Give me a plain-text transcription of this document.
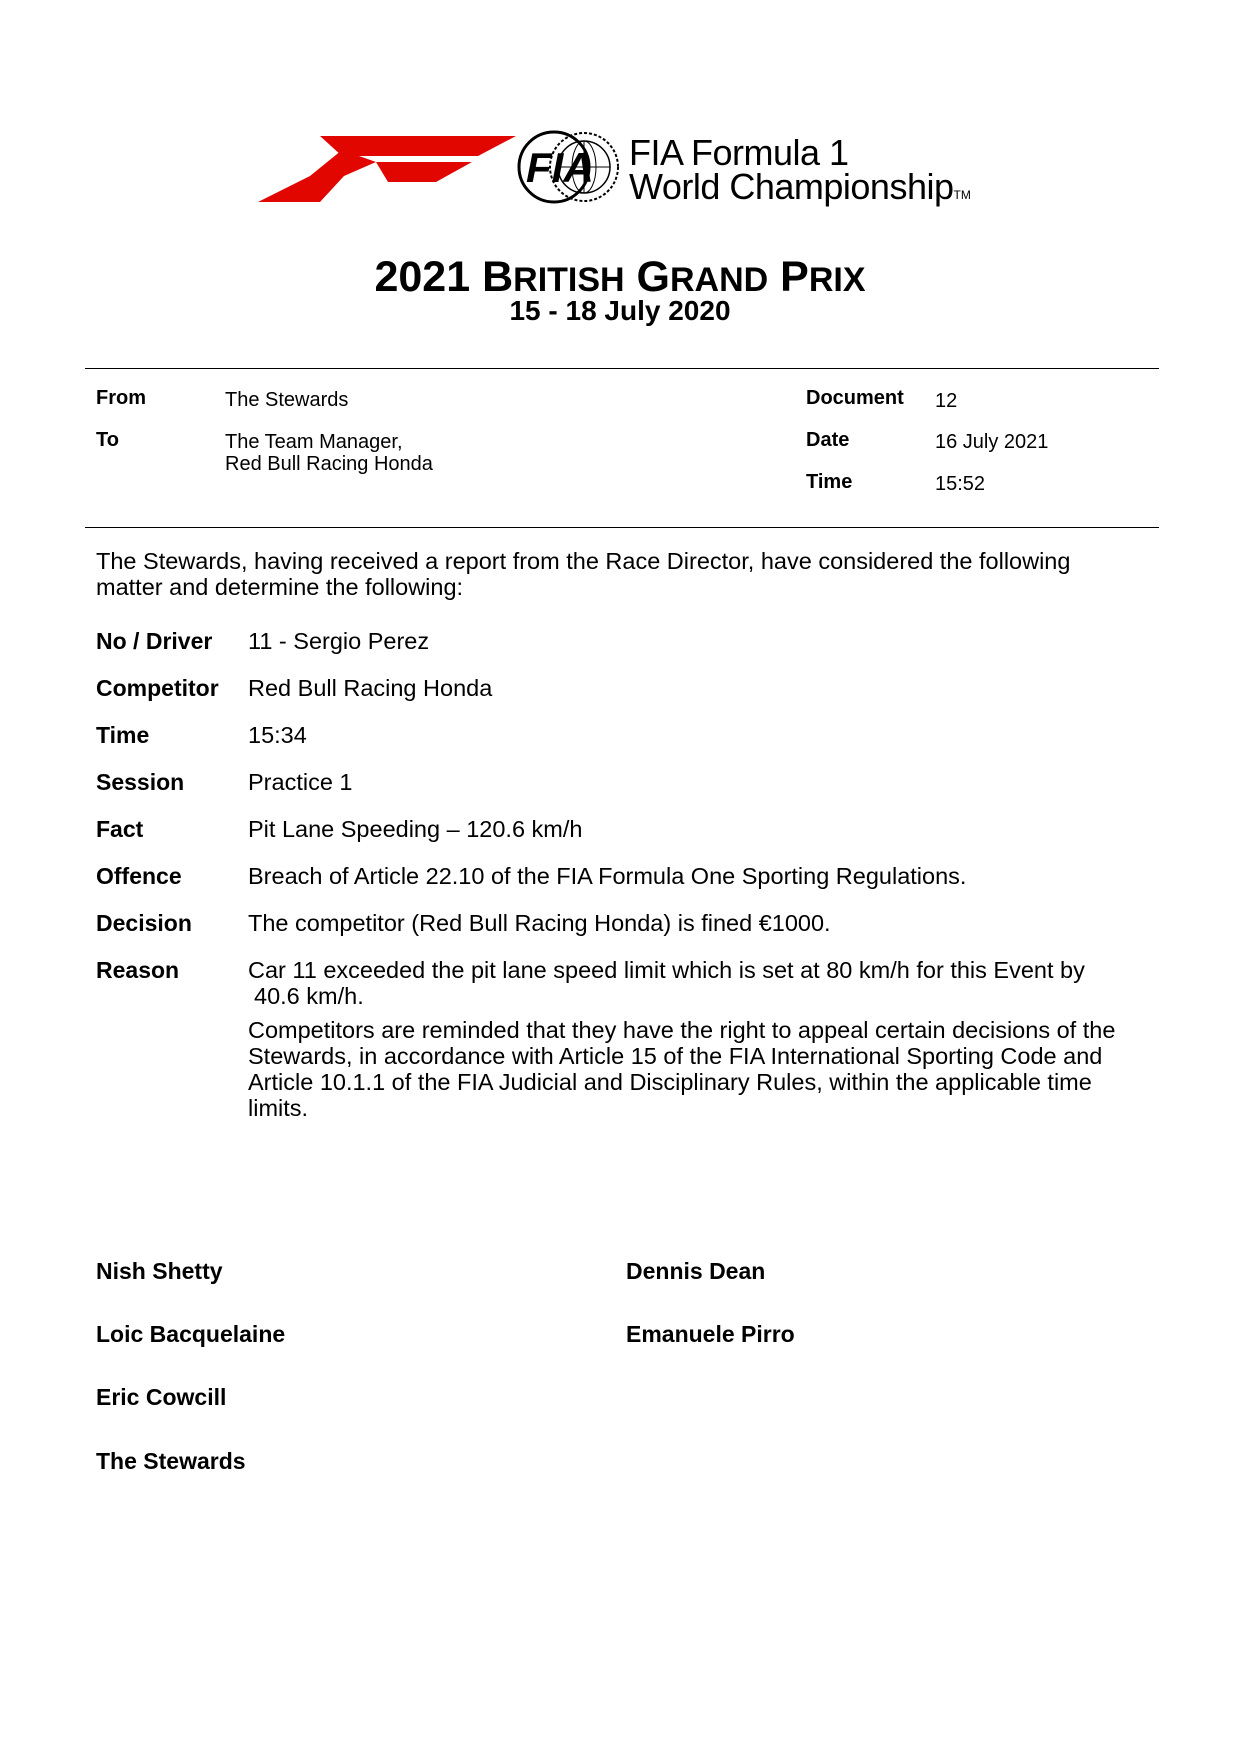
FIA FIA Formula 1
World ChampionshipTM
2021 BRITISH GRAND PRIX
15 - 18 July 2020
From	The Stewards
To	The Team Manager,
Red Bull Racing Honda
Document 12
Date	16 July 2021
Time	15:52
The Stewards, having received a report from the Race Director, have considered the following
matter and determine the following:
No / Driver 11 - Sergio Perez
Competitor Red Bull Racing Honda
Time	15:34
Session	Practice 1
Fact	Pit Lane Speeding – 120.6 km/h
Offence	Breach of Article 22.10 of the FIA Formula One Sporting Regulations.
Decision The competitor (Red Bull Racing Honda) is fined €1000.
Reason	Car 11 exceeded the pit lane speed limit which is set at 80 km/h for this Event by
40.6 km/h.
Competitors are reminded that they have the right to appeal certain decisions of the
Stewards, in accordance with Article 15 of the FIA International Sporting Code and
Article 10.1.1 of the FIA Judicial and Disciplinary Rules, within the applicable time
limits.
Nish Shetty	Dennis Dean
Loic Bacquelaine	Emanuele Pirro
Eric Cowcill
The Stewards
